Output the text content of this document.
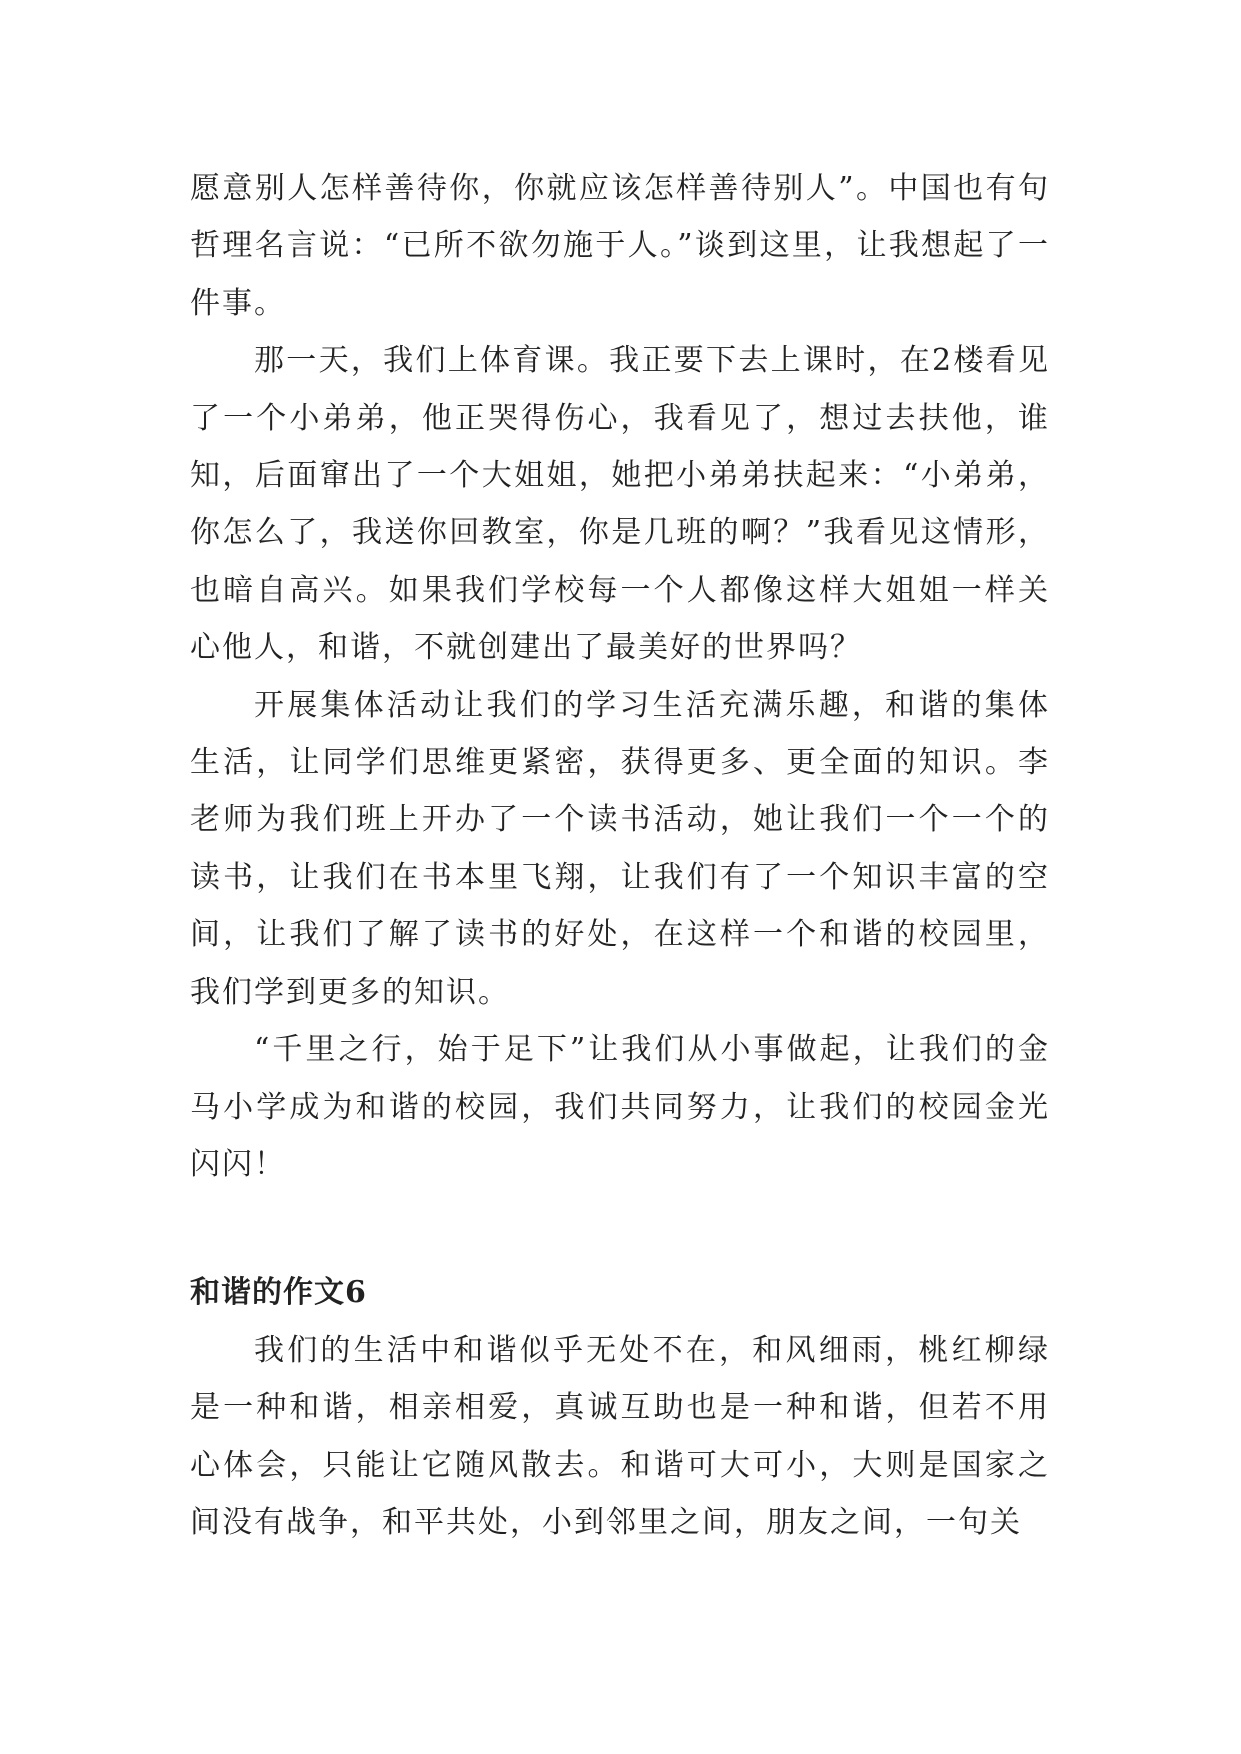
愿意别人怎样善待你，你就应该怎样善待别人”。中国也有句哲理名言说：“已所不欲勿施于人。”谈到这里，让我想起了一件事。

那一天，我们上体育课。我正要下去上课时，在2楼看见了一个小弟弟，他正哭得伤心，我看见了，想过去扶他，谁知，后面窜出了一个大姐姐，她把小弟弟扶起来：“小弟弟，你怎么了，我送你回教室，你是几班的啊？”我看见这情形，也暗自高兴。如果我们学校每一个人都像这样大姐姐一样关心他人，和谐，不就创建出了最美好的世界吗？

开展集体活动让我们的学习生活充满乐趣，和谐的集体生活，让同学们思维更紧密，获得更多、更全面的知识。李老师为我们班上开办了一个读书活动，她让我们一个一个的读书，让我们在书本里飞翔，让我们有了一个知识丰富的空间，让我们了解了读书的好处，在这样一个和谐的校园里，我们学到更多的知识。

“千里之行，始于足下”让我们从小事做起，让我们的金马小学成为和谐的校园，我们共同努力，让我们的校园金光闪闪！

和谐的作文6

我们的生活中和谐似乎无处不在，和风细雨，桃红柳绿是一种和谐，相亲相爱，真诚互助也是一种和谐，但若不用心体会，只能让它随风散去。和谐可大可小，大则是国家之间没有战争，和平共处，小到邻里之间，朋友之间，一句关
